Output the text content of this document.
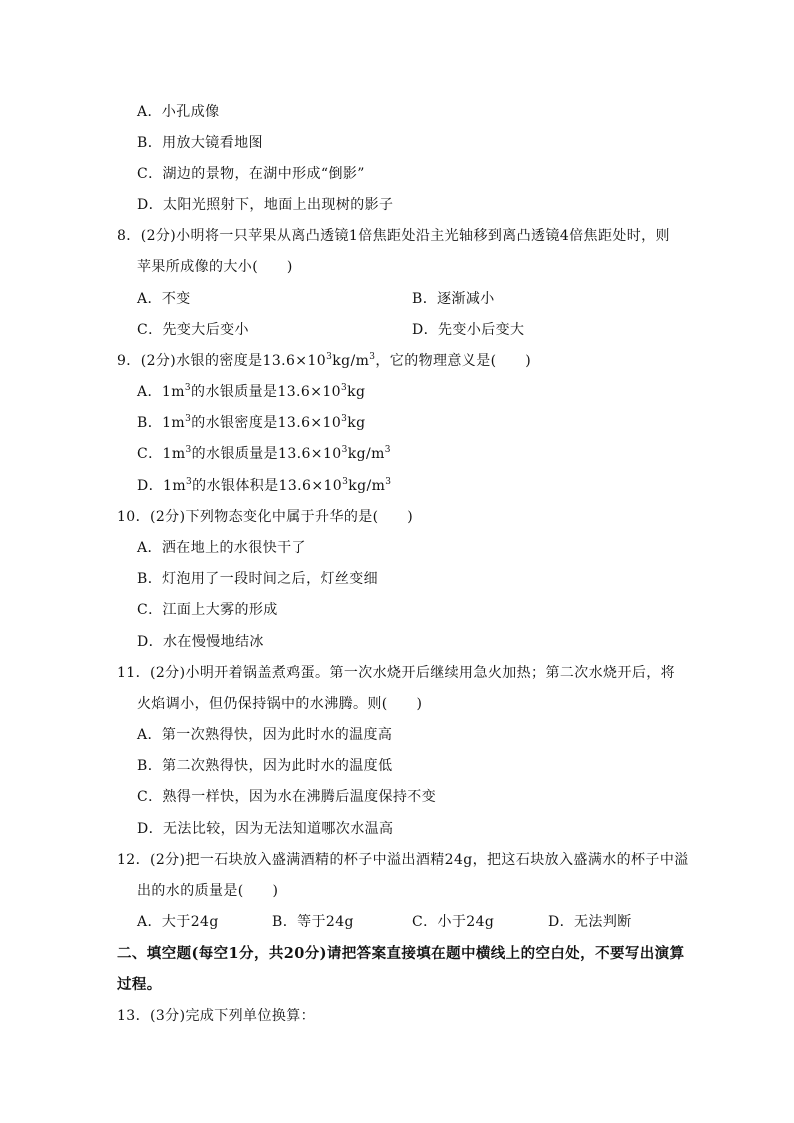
A．小孔成像
B．用放大镜看地图
C．湖边的景物，在湖中形成“倒影”
D．太阳光照射下，地面上出现树的影子
8．(2分)小明将一只苹果从离凸透镜1倍焦距处沿主光轴移到离凸透镜4倍焦距处时，则
苹果所成像的大小(　　)
A．不变	B．逐渐减小
C．先变大后变小	D．先变小后变大
9．(2分)水银的密度是$13.6\times 10^3kg/m^3$，它的物理意义是(　　)
A．$1m^3$的水银质量是$13.6\times 10^3kg$
B．$1m^3$的水银密度是$13.6\times 10^3kg$
C．$1m^3$的水银质量是$13.6\times 10^3kg/m^3$
D．$1m^3$的水银体积是$13.6\times 10^3kg/m^3$
10．(2分)下列物态变化中属于升华的是(　　)
A．洒在地上的水很快干了
B．灯泡用了一段时间之后，灯丝变细
C．江面上大雾的形成
D．水在慢慢地结冰
11．(2分)小明开着锅盖煮鸡蛋。第一次水烧开后继续用急火加热；第二次水烧开后，将
火焰调小，但仍保持锅中的水沸腾。则(　　)
A．第一次熟得快，因为此时水的温度高
B．第二次熟得快，因为此时水的温度低
C．熟得一样快，因为水在沸腾后温度保持不变
D．无法比较，因为无法知道哪次水温高
12．(2分)把一石块放入盛满酒精的杯子中溢出酒精24g，把这石块放入盛满水的杯子中溢
出的水的质量是(　　)
A．大于24g	B．等于24g	C．小于24g	D．无法判断
二、填空题(每空1分，共20分)请把答案直接填在题中横线上的空白处，不要写出演算
过程。
13．(3分)完成下列单位换算：
